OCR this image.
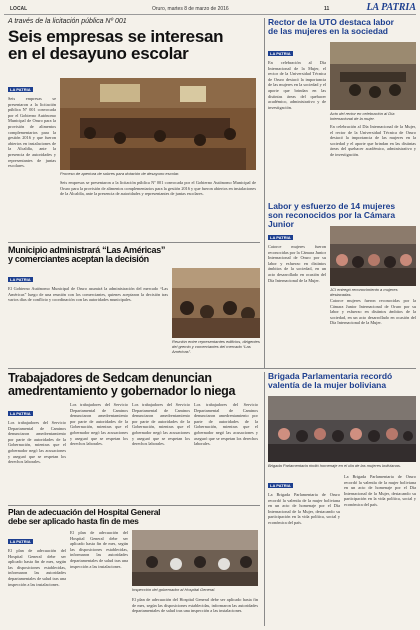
LOCAL	Oruro, martes 8 de marzo de 2016	11	LA PATRIA
A través de la licitación pública Nº 001
Seis empresas se interesan
en el desayuno escolar
LA PATRIA

Seis empresas se presentaron a la licitación pública Nº 001 convocada por el Gobierno Autónomo Municipal de Oruro para la provisión de alimentos complementarios para la gestión 2016 y que fueron abiertos en instalaciones de la Alcaldía, ante la presencia de autoridades y representantes de juntas escolares.

Proceso de apertura de sobres para dotación de desayuno escolar.

Seis empresas se presentaron a la licitación pública Nº 001 convocada por el Gobierno Autónomo Municipal de Oruro para la provisión de alimentos complementarios para la gestión 2016 y que fueron abiertos en instalaciones de la Alcaldía, ante la presencia de autoridades y representantes de juntas escolares.

Municipio administrará “Las Américas”
y comerciantes aceptan la decisión
LA PATRIA

El Gobierno Autónomo Municipal de Oruro asumirá la administración del mercado “Las Américas” luego de una reunión con los comerciantes, quienes aceptaron la decisión tras varios días de conflicto y coordinación con las autoridades municipales.

Reunión entre representantes edilicios, dirigentes del gremio y comerciantes del mercado “Las Américas”.
Rector de la UTO destaca labor
de las mujeres en la sociedad
LA PATRIA

En celebración al Día Internacional de la Mujer, el rector de la Universidad Técnica de Oruro destacó la importancia de las mujeres en la sociedad y el aporte que brindan en las distintas áreas del quehacer académico, administrativo y de investigación.

Acto del rector en celebración al Día Internacional de la mujer.

En celebración al Día Internacional de la Mujer, el rector de la Universidad Técnica de Oruro destacó la importancia de las mujeres en la sociedad y el aporte que brindan en las distintas áreas del quehacer académico, administrativo y de investigación.

Labor y esfuerzo de 14 mujeres
son reconocidos por la Cámara Junior
LA PATRIA

Catorce mujeres fueron reconocidas por la Cámara Junior Internacional de Oruro por su labor y esfuerzo en distintos ámbitos de la sociedad, en un acto desarrollado en ocasión del Día Internacional de la Mujer.

JCI entregó reconocimiento a mujeres destacadas.

Catorce mujeres fueron reconocidas por la Cámara Junior Internacional de Oruro por su labor y esfuerzo en distintos ámbitos de la sociedad, en un acto desarrollado en ocasión del Día Internacional de la Mujer.

Trabajadores de Sedcam denuncian
amedrentamiento y gobernador lo niega
LA PATRIA

Los trabajadores del Servicio Departamental de Caminos denunciaron amedrentamiento por parte de autoridades de la Gobernación, mientras que el gobernador negó las acusaciones y aseguró que se respetan los derechos laborales.

Los trabajadores del Servicio Departamental de Caminos denunciaron amedrentamiento por parte de autoridades de la Gobernación, mientras que el gobernador negó las acusaciones y aseguró que se respetan los derechos laborales.

Los trabajadores del Servicio Departamental de Caminos denunciaron amedrentamiento por parte de autoridades de la Gobernación, mientras que el gobernador negó las acusaciones y aseguró que se respetan los derechos laborales.

Los trabajadores del Servicio Departamental de Caminos denunciaron amedrentamiento por parte de autoridades de la Gobernación, mientras que el gobernador negó las acusaciones y aseguró que se respetan los derechos laborales.

Brigada Parlamentaria recordó
valentía de la mujer boliviana
Brigada Parlamentaria rindió homenaje en el día de las mujeres bolivianas.
LA PATRIA

La Brigada Parlamentaria de Oruro recordó la valentía de la mujer boliviana en un acto de homenaje por el Día Internacional de la Mujer, destacando su participación en la vida política, social y económica del país.

La Brigada Parlamentaria de Oruro recordó la valentía de la mujer boliviana en un acto de homenaje por el Día Internacional de la Mujer, destacando su participación en la vida política, social y económica del país.

Plan de adecuación del Hospital General
debe ser aplicado hasta fin de mes
LA PATRIA

El plan de adecuación del Hospital General debe ser aplicado hasta fin de mes, según las disposiciones establecidas, informaron las autoridades departamentales de salud tras una inspección a las instalaciones.

El plan de adecuación del Hospital General debe ser aplicado hasta fin de mes, según las disposiciones establecidas, informaron las autoridades departamentales de salud tras una inspección a las instalaciones.

Inspección del gobernador al Hospital General.

El plan de adecuación del Hospital General debe ser aplicado hasta fin de mes, según las disposiciones establecidas, informaron las autoridades departamentales de salud tras una inspección a las instalaciones.
